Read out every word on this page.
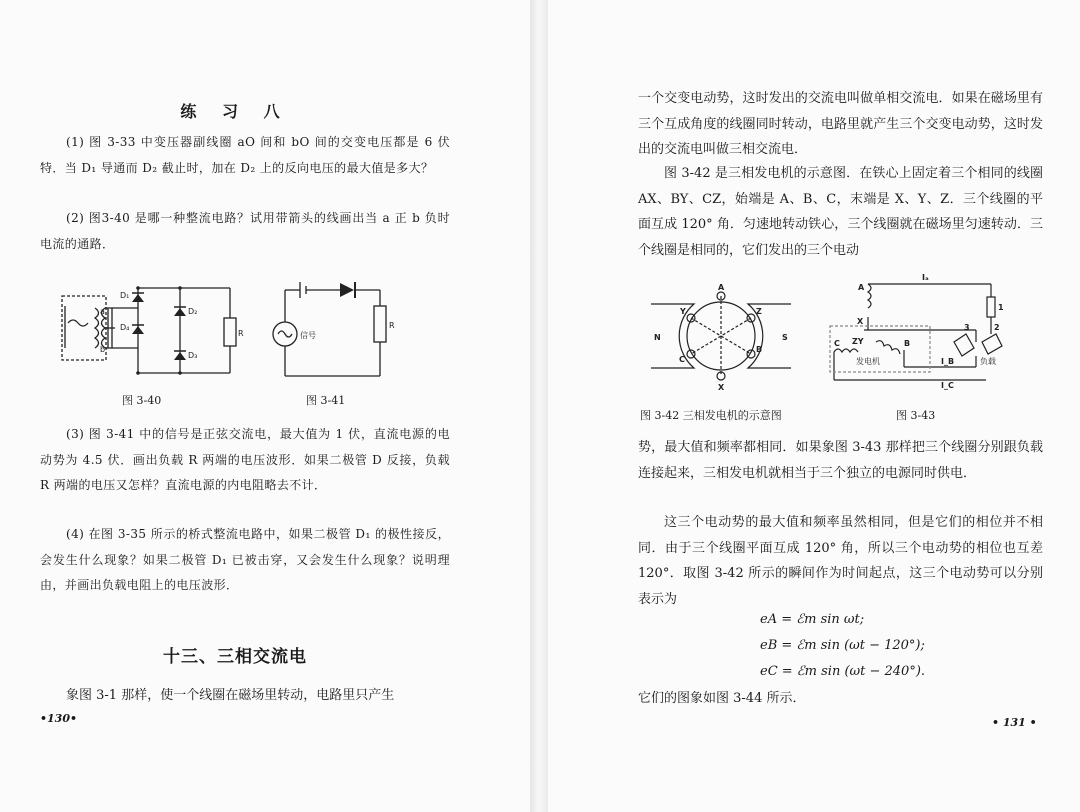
练 习 八

(1) 图 3-33 中变压器副线圈 aO 间和 bO 间的交变电压都是 6 伏特．当 D₁ 导通而 D₂ 截止时，加在 D₂ 上的反向电压的最大值是多大？

(2) 图3-40 是哪一种整流电路？试用带箭头的线画出当 a 正 b 负时电流的通路．

D₁
D₄
D₂
D₃
a
b
R	信号
R
图 3-40	图 3-41

(3) 图 3-41 中的信号是正弦交流电，最大值为 1 伏，直流电源的电动势为 4.5 伏．画出负载 R 两端的电压波形．如果二极管 D 反接，负载 R 两端的电压又怎样？直流电源的内电阻略去不计．

(4) 在图 3-35 所示的桥式整流电路中，如果二极管 D₁ 的极性接反，会发生什么现象？如果二极管 D₁ 已被击穿，又会发生什么现象？说明理由，并画出负载电阻上的电压波形．

十三、三相交流电

象图 3-1 那样，使一个线圈在磁场里转动，电路里只产生

•130•

一个交变电动势，这时发出的交流电叫做单相交流电．如果在磁场里有三个互成角度的线圈同时转动，电路里就产生三个交变电动势，这时发出的交流电叫做三相交流电．

图 3-42 是三相发电机的示意图．在铁心上固定着三个相同的线圈 AX、BY、CZ，始端是 A、B、C，末端是 X、Y、Z．三个线圈的平面互成 120° 角．匀速地转动铁心，三个线圈就在磁场里匀速转动．三个线圈是相同的，它们发出的三个电动

A
X
Y	Z
B
C
N	S
Iₐ
A
X
ZY
C	B
发电机	负载
I_B
I_C
1
3	2
图 3-42 三相发电机的示意图	图 3-43

势，最大值和频率都相同．如果象图 3-43 那样把三个线圈分别跟负载连接起来，三相发电机就相当于三个独立的电源同时供电．

这三个电动势的最大值和频率虽然相同，但是它们的相位并不相同．由于三个线圈平面互成 120° 角，所以三个电动势的相位也互差 120°．取图 3-42 所示的瞬间作为时间起点，这三个电动势可以分别表示为

eA = ℰm sin ωt;
eB = ℰm sin (ωt − 120°);
eC = ℰm sin (ωt − 240°).

它们的图象如图 3-44 所示．

• 131 •
